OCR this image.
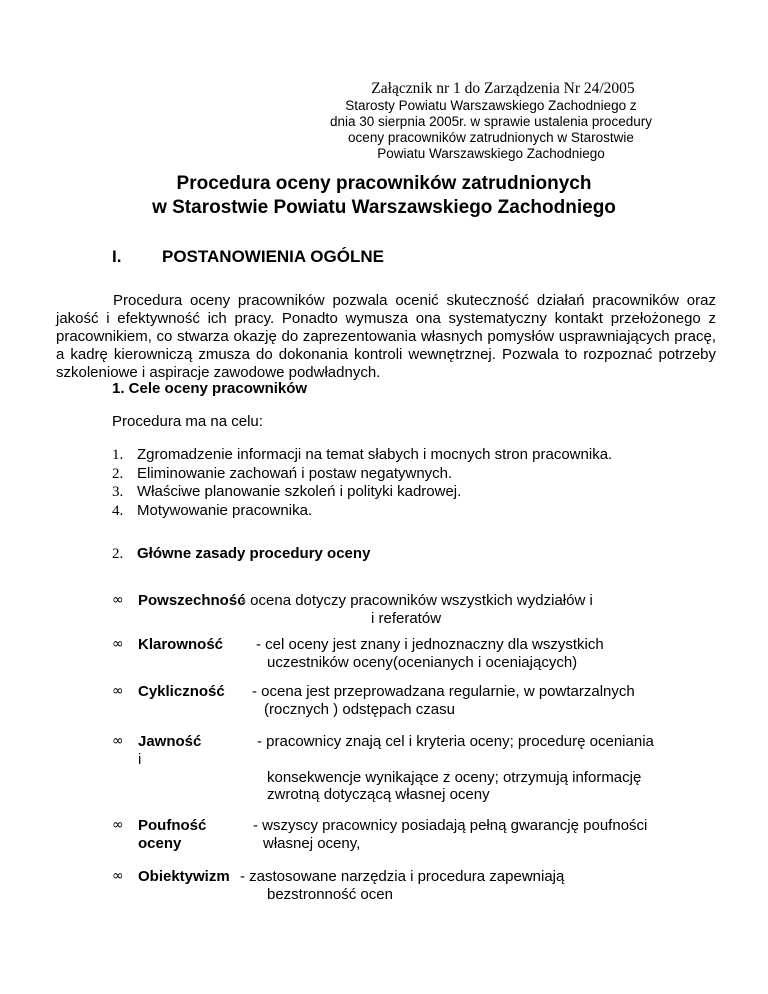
Załącznik nr 1 do Zarządzenia Nr 24/2005
Starosty Powiatu Warszawskiego Zachodniego z
dnia 30 sierpnia 2005r. w sprawie ustalenia procedury
oceny pracowników zatrudnionych w Starostwie
Powiatu Warszawskiego Zachodniego
Procedura oceny pracowników zatrudnionych
w Starostwie Powiatu Warszawskiego Zachodniego
I. POSTANOWIENIA OGÓLNE

Procedura oceny pracowników pozwala ocenić skuteczność działań pracowników oraz jakość i efektywność ich pracy. Ponadto wymusza ona systematyczny kontakt przełożonego z pracownikiem, co stwarza okazję do zaprezentowania własnych pomysłów usprawniających pracę, a kadrę kierowniczą zmusza do dokonania kontroli wewnętrznej. Pozwala to rozpoznać potrzeby szkoleniowe i aspiracje zawodowe podwładnych.

1. Cele oceny pracowników
Procedura ma na celu:
1. Zgromadzenie informacji na temat słabych i mocnych stron pracownika.
2. Eliminowanie zachowań i postaw negatywnych.
3. Właściwe planowanie szkoleń i polityki kadrowej.
4. Motywowanie pracownika.
2. Główne zasady procedury oceny
∞ Powszechność
- ocena dotyczy pracowników wszystkich wydziałów i
i referatów
∞ Klarowność - cel oceny jest znany i jednoznaczny dla wszystkich
uczestników oceny(ocenianych i oceniających)
∞ Cykliczność - ocena jest przeprowadzana regularnie, w powtarzalnych
(rocznych ) odstępach czasu
∞ Jawność
i
- pracownicy znają cel i kryteria oceny; procedurę oceniania
konsekwencje wynikające z oceny; otrzymują informację
zwrotną dotyczącą własnej oceny
∞ Poufność
oceny
- wszyscy pracownicy posiadają pełną gwarancję poufności
własnej oceny,
∞ Obiektywizm - zastosowane narzędzia i procedura zapewniają
bezstronność ocen
